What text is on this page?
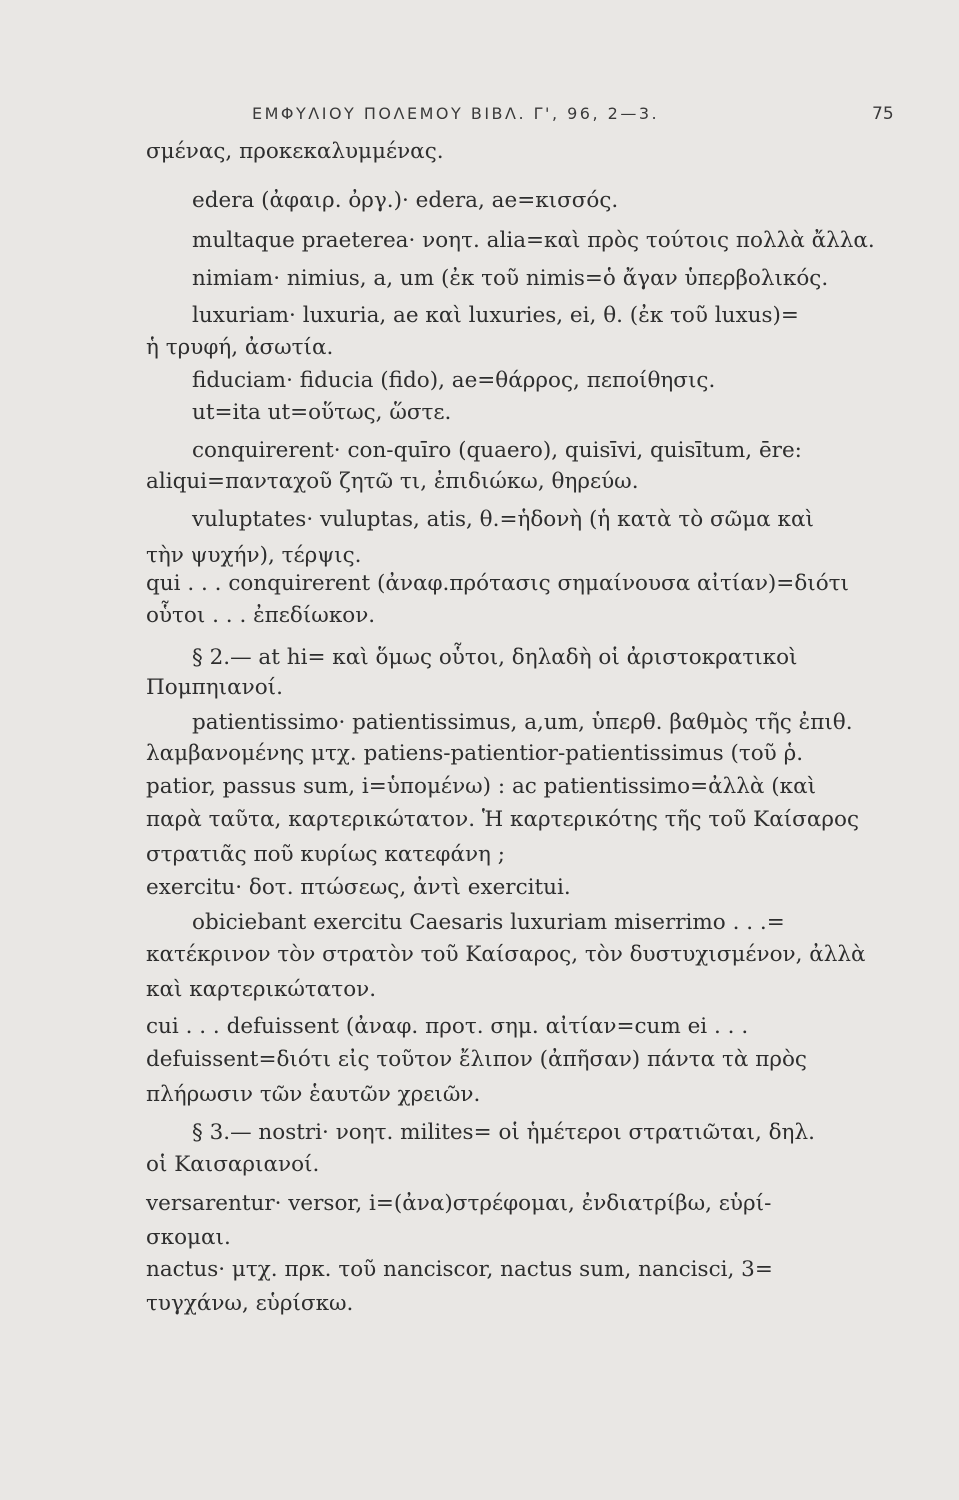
ΕΜΦΥΛΙΟΥ ΠΟΛΕΜΟΥ ΒΙΒΛ. Γ', 96, 2—3.	75
σμένας, προκεκαλυμμένας.
edera (ἀφαιρ. ὀργ.)· edera, ae=κισσός.
multaque praeterea· νοητ. alia=καὶ πρὸς τούτοις πολλὰ ἄλλα.
nimiam· nimius, a, um (ἐκ τοῦ nimis=ὁ ἄγαν ὑπερβολικός.
luxuriam· luxuria, ae καὶ luxuries, ei, θ. (ἐκ τοῦ luxus)=
ἡ τρυφή, ἀσωτία.
fiduciam· fiducia (fido), ae=θάρρος, πεποίθησις.
ut=ita ut=οὕτως, ὥστε.
conquirerent· con-quīro (quaero), quisīvi, quisītum, ēre:
aliqui=πανταχοῦ ζητῶ τι, ἐπιδιώκω, θηρεύω.
vuluptates· vuluptas, atis, θ.=ἡδονὴ (ἡ κατὰ τὸ σῶμα καὶ
τὴν ψυχήν), τέρψις.
qui . . . conquirerent (ἀναφ.πρότασις σημαίνουσα αἰτίαν)=διότι
οὗτοι . . . ἐπεδίωκον.
§ 2.— at hi= καὶ ὅμως οὗτοι, δηλαδὴ οἱ ἀριστοκρατικοὶ
Πομπηιανοί.
patientissimo· patientissimus, a,um, ὑπερθ. βαθμὸς τῆς ἐπιθ.
λαμβανομένης μτχ. patiens-patientior-patientissimus (τοῦ ῥ.
patior, passus sum, i=ὑπομένω) : ac patientissimo=ἀλλὰ (καὶ
παρὰ ταῦτα, καρτερικώτατον. Ἡ καρτερικότης τῆς τοῦ Καίσαρος
στρατιᾶς ποῦ κυρίως κατεφάνη ;
exercitu· δοτ. πτώσεως, ἀντὶ exercitui.
obiciebant exercitu Caesaris luxuriam miserrimo . . .=
κατέκρινον τὸν στρατὸν τοῦ Καίσαρος, τὸν δυστυχισμένον, ἀλλὰ
καὶ καρτερικώτατον.
cui . . . defuissent (ἀναφ. προτ. σημ. αἰτίαν=cum ei . . .
defuissent=διότι εἰς τοῦτον ἔλιπον (ἀπῆσαν) πάντα τὰ πρὸς
πλήρωσιν τῶν ἑαυτῶν χρειῶν.
§ 3.— nostri· νοητ. milites= οἱ ἡμέτεροι στρατιῶται, δηλ.
οἱ Καισαριανοί.
versarentur· versor, i=(ἀνα)στρέφομαι, ἐνδιατρίβω, εὑρί-
σκομαι.
nactus· μτχ. πρκ. τοῦ nanciscor, nactus sum, nancisci, 3=
τυγχάνω, εὑρίσκω.
